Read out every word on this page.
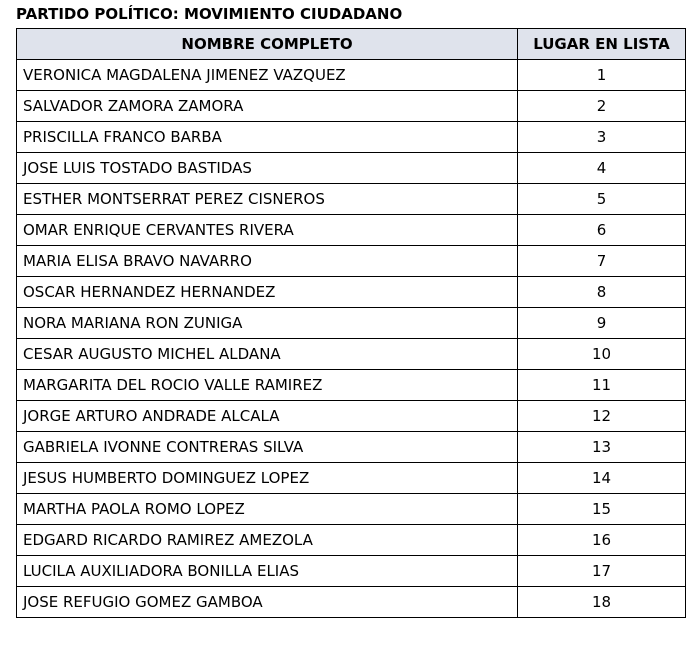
PARTIDO POLÍTICO: MOVIMIENTO CIUDADANO
NOMBRE COMPLETO	LUGAR EN LISTA
VERONICA MAGDALENA JIMENEZ VAZQUEZ	1
SALVADOR ZAMORA ZAMORA	2
PRISCILLA FRANCO BARBA	3
JOSE LUIS TOSTADO BASTIDAS	4
ESTHER MONTSERRAT PEREZ CISNEROS	5
OMAR ENRIQUE CERVANTES RIVERA	6
MARIA ELISA BRAVO NAVARRO	7
OSCAR HERNANDEZ HERNANDEZ	8
NORA MARIANA RON ZUNIGA	9
CESAR AUGUSTO MICHEL ALDANA	10
MARGARITA DEL ROCIO VALLE RAMIREZ	11
JORGE ARTURO ANDRADE ALCALA	12
GABRIELA IVONNE CONTRERAS SILVA	13
JESUS HUMBERTO DOMINGUEZ LOPEZ	14
MARTHA PAOLA ROMO LOPEZ	15
EDGARD RICARDO RAMIREZ AMEZOLA	16
LUCILA AUXILIADORA BONILLA ELIAS	17
JOSE REFUGIO GOMEZ GAMBOA	18
